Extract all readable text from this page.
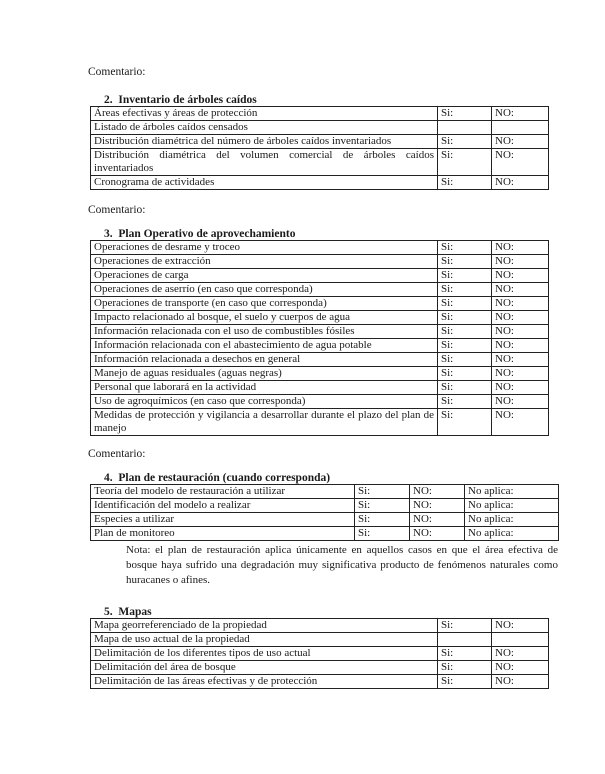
Comentario:
2. Inventario de árboles caídos
Áreas efectivas y áreas de protección	Si:	NO:
Listado de árboles caídos censados		
Distribución diamétrica del número de árboles caídos inventariados	Si:	NO:
Distribución diamétrica del volumen comercial de árboles caídos inventariados	Si:	NO:
Cronograma de actividades	Si:	NO:
Comentario:
3. Plan Operativo de aprovechamiento
Operaciones de desrame y troceo	Si:	NO:
Operaciones de extracción	Si:	NO:
Operaciones de carga	Si:	NO:
Operaciones de aserrío (en caso que corresponda)	Si:	NO:
Operaciones de transporte (en caso que corresponda)	Si:	NO:
Impacto relacionado al bosque, el suelo y cuerpos de agua	Si:	NO:
Información relacionada con el uso de combustibles fósiles	Si:	NO:
Información relacionada con el abastecimiento de agua potable	Si:	NO:
Información relacionada a desechos en general	Si:	NO:
Manejo de aguas residuales (aguas negras)	Si:	NO:
Personal que laborará en la actividad	Si:	NO:
Uso de agroquímicos (en caso que corresponda)	Si:	NO:
Medidas de protección y vigilancia a desarrollar durante el plazo del plan de manejo	Si:	NO:
Comentario:
4. Plan de restauración (cuando corresponda)
Teoría del modelo de restauración a utilizar	Si:	NO:	No aplica:
Identificación del modelo a realizar	Si:	NO:	No aplica:
Especies a utilizar	Si:	NO:	No aplica:
Plan de monitoreo	Si:	NO:	No aplica:
Nota: el plan de restauración aplica únicamente en aquellos casos en que el área efectiva de bosque haya sufrido una degradación muy significativa producto de fenómenos naturales como huracanes o afines.
5. Mapas
Mapa georreferenciado de la propiedad	Si:	NO:
Mapa de uso actual de la propiedad		
Delimitación de los diferentes tipos de uso actual	Si:	NO:
Delimitación del área de bosque	Si:	NO:
Delimitación de las áreas efectivas y de protección	Si:	NO:
